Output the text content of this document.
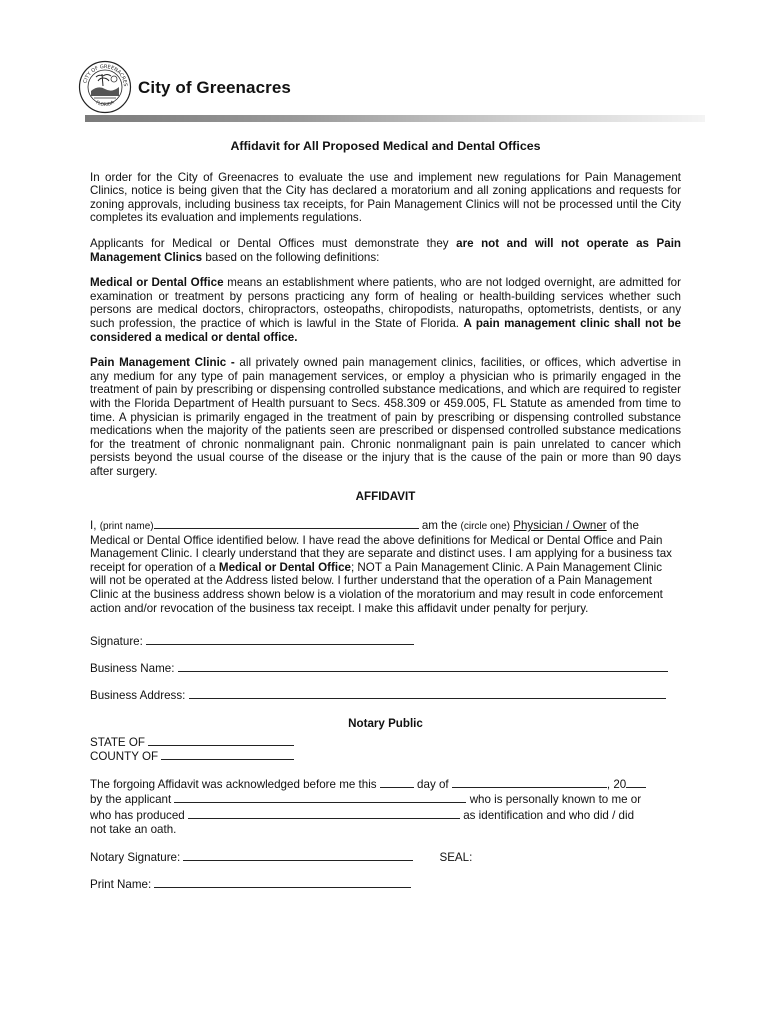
CITY OF GREENACRES
FLORIDA
City of Greenacres
Affidavit for All Proposed Medical and Dental Offices

In order for the City of Greenacres to evaluate the use and implement new regulations for Pain Management Clinics, notice is being given that the City has declared a moratorium and all zoning applications and requests for zoning approvals, including business tax receipts, for Pain Management Clinics will not be processed until the City completes its evaluation and implements regulations.

Applicants for Medical or Dental Offices must demonstrate they are not and will not operate as Pain Management Clinics based on the following definitions:

Medical or Dental Office means an establishment where patients, who are not lodged overnight, are admitted for examination or treatment by persons practicing any form of healing or health-building services whether such persons are medical doctors, chiropractors, osteopaths, chiropodists, naturopaths, optometrists, dentists, or any such profession, the practice of which is lawful in the State of Florida. A pain management clinic shall not be considered a medical or dental office.

Pain Management Clinic - all privately owned pain management clinics, facilities, or offices, which advertise in any medium for any type of pain management services, or employ a physician who is primarily engaged in the treatment of pain by prescribing or dispensing controlled substance medications, and which are required to register with the Florida Department of Health pursuant to Secs. 458.309 or 459.005, FL Statute as amended from time to time. A physician is primarily engaged in the treatment of pain by prescribing or dispensing controlled substance medications when the majority of the patients seen are prescribed or dispensed controlled substance medications for the treatment of chronic nonmalignant pain. Chronic nonmalignant pain is pain unrelated to cancer which persists beyond the usual course of the disease or the injury that is the cause of the pain or more than 90 days after surgery.

AFFIDAVIT

I, (print name)	am the (circle one) Physician / Owner of the
Medical or Dental Office identified below. I have read the above definitions for Medical or Dental Office and Pain Management Clinic. I clearly understand that they are separate and distinct uses. I am applying for a business tax receipt for operation of a Medical or Dental Office; NOT a Pain Management Clinic. A Pain Management Clinic will not be operated at the Address listed below. I further understand that the operation of a Pain Management Clinic at the business address shown below is a violation of the moratorium and may result in code enforcement action and/or revocation of the business tax receipt. I make this affidavit under penalty for perjury.

Signature:
Business Name:
Business Address:
Notary Public
STATE OF
COUNTY OF
The forgoing Affidavit was acknowledged before me this	day of	, 20
by the applicant	who is personally known to me or
who has produced	as identification and who did / did
not take an oath.
Notary Signature:	SEAL:
Print Name:
